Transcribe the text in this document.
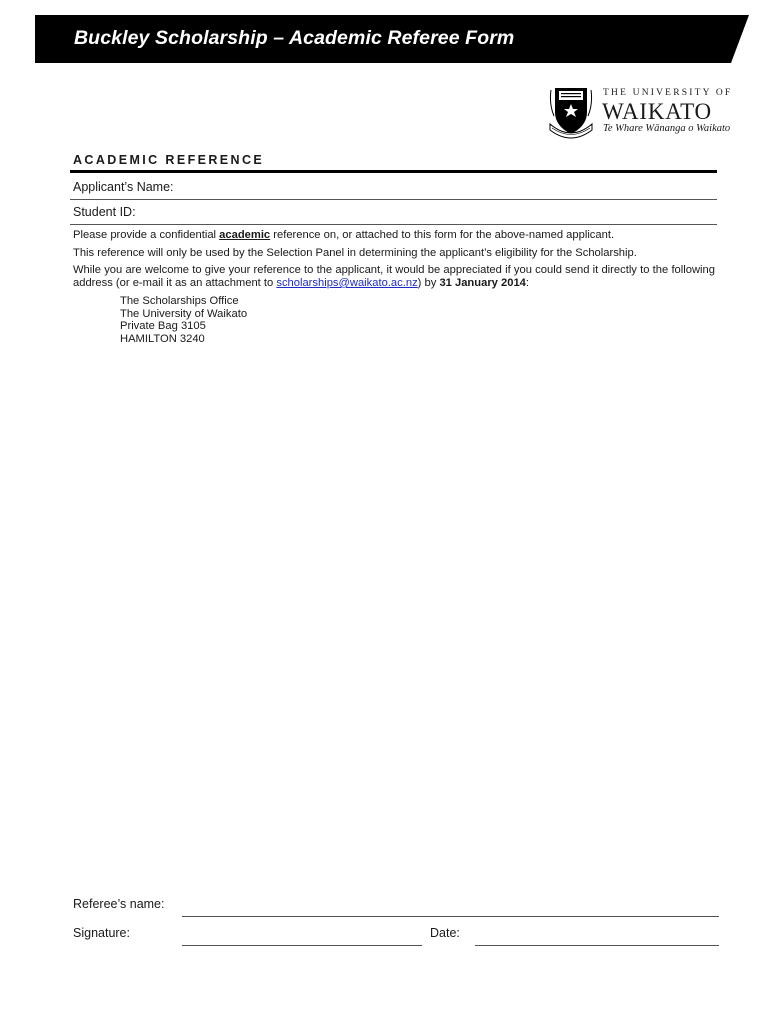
Buckley Scholarship – Academic Referee Form
THE UNIVERSITY OF
WAIKATO
Te Whare Wānanga o Waikato
ACADEMIC REFERENCE
Applicant’s Name:
Student ID:
Please provide a confidential academic reference on, or attached to this form for the above-named applicant.
This reference will only be used by the Selection Panel in determining the applicant’s eligibility for the Scholarship.
While you are welcome to give your reference to the applicant, it would be appreciated if you could send it directly to the following address (or e-mail it as an attachment to scholarships@waikato.ac.nz) by 31 January 2014:
The Scholarships Office
The University of Waikato
Private Bag 3105
HAMILTON 3240
Referee’s name:
Signature:	Date:
